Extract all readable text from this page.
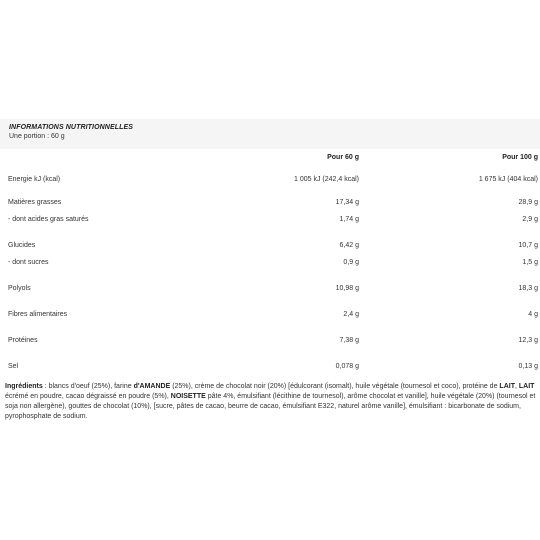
INFORMATIONS NUTRITIONNELLES
Une portion : 60 g
Pour 60 g	Pour 100 g
Energie kJ (kcal)	1 005 kJ (242,4 kcal)	1 675 kJ (404 kcal)
Matières grasses	17,34 g	28,9 g
- dont acides gras saturés	1,74 g	2,9 g
Glucides	6,42 g	10,7 g
- dont sucres	0,9 g	1,5 g
Polyols	10,98 g	18,3 g
Fibres alimentaires	2,4 g	4 g
Protéines	7,38 g	12,3 g
Sel	0,078 g	0,13 g
Ingrédients : blancs d'oeuf (25%), farine d'AMANDE (25%), crème de chocolat noir (20%) [édulcorant (isomalt), huile végétale (tournesol et coco), protéine de LAIT, LAIT écrémé en poudre, cacao dégraissé en poudre (5%), NOISETTE pâte 4%, émulsifiant (lécithine de tournesol), arôme chocolat et vanille], huile végétale (20%) (tournesol et soja non allergène), gouttes de chocolat (10%), [sucre, pâtes de cacao, beurre de cacao, émulsifiant E322, naturel arôme vanille], émulsifiant : bicarbonate de sodium, pyrophosphate de sodium.
